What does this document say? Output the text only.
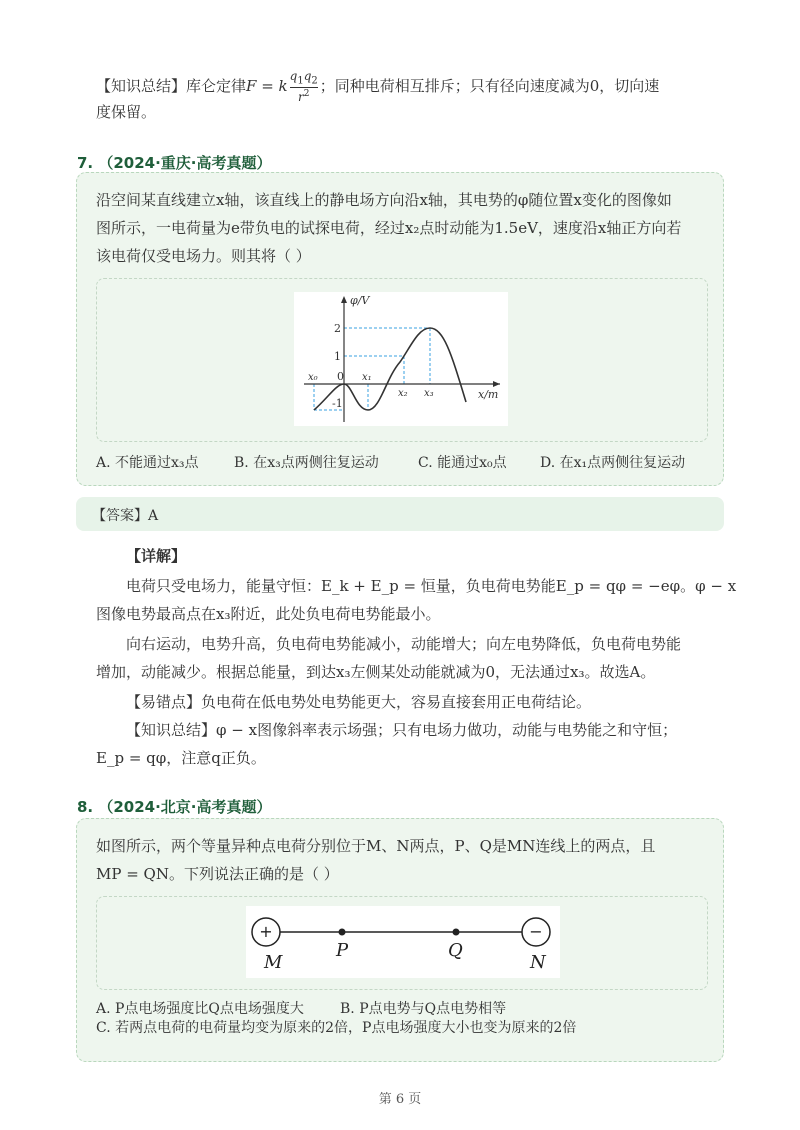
【知识总结】库仑定律F = k $\frac{q_1q_2}{r^2}$ ；同种电荷相互排斥；只有径向速度减为0，切向速
度保留。
7. （2024·重庆·高考真题）
沿空间某直线建立x轴，该直线上的静电场方向沿x轴，其电势的φ随位置x变化的图像如
图所示，一电荷量为e带负电的试探电荷，经过x₂点时动能为1.5eV，速度沿x轴正方向若
该电荷仅受电场力。则其将（ ）
φ/V
2
1
0
-1
x₀	x₁
x₂ x₃	x/m
A. 不能通过x₃点	B. 在x₃点两侧往复运动	C. 能通过x₀点 D. 在x₁点两侧往复运动
【答案】A
【详解】
电荷只受电场力，能量守恒：E_k + E_p = 恒量，负电荷电势能E_p = qφ = −eφ。φ − x
图像电势最高点在x₃附近，此处负电荷电势能最小。
向右运动，电势升高，负电荷电势能减小，动能增大；向左电势降低，负电荷电势能
增加，动能减少。根据总能量，到达x₃左侧某处动能就减为0，无法通过x₃。故选A。
【易错点】负电荷在低电势处电势能更大，容易直接套用正电荷结论。
【知识总结】φ − x图像斜率表示场强；只有电场力做功，动能与电势能之和守恒；
E_p = qφ，注意q正负。
8. （2024·北京·高考真题）
如图所示，两个等量异种点电荷分别位于M、N两点，P、Q是MN连线上的两点，且
MP = QN。下列说法正确的是（ ）
+	−
M
P	Q
N
A. P点电场强度比Q点电场强度大	B. P点电势与Q点电势相等
C. 若两点电荷的电荷量均变为原来的2倍，P点电场强度大小也变为原来的2倍
第 6 页
